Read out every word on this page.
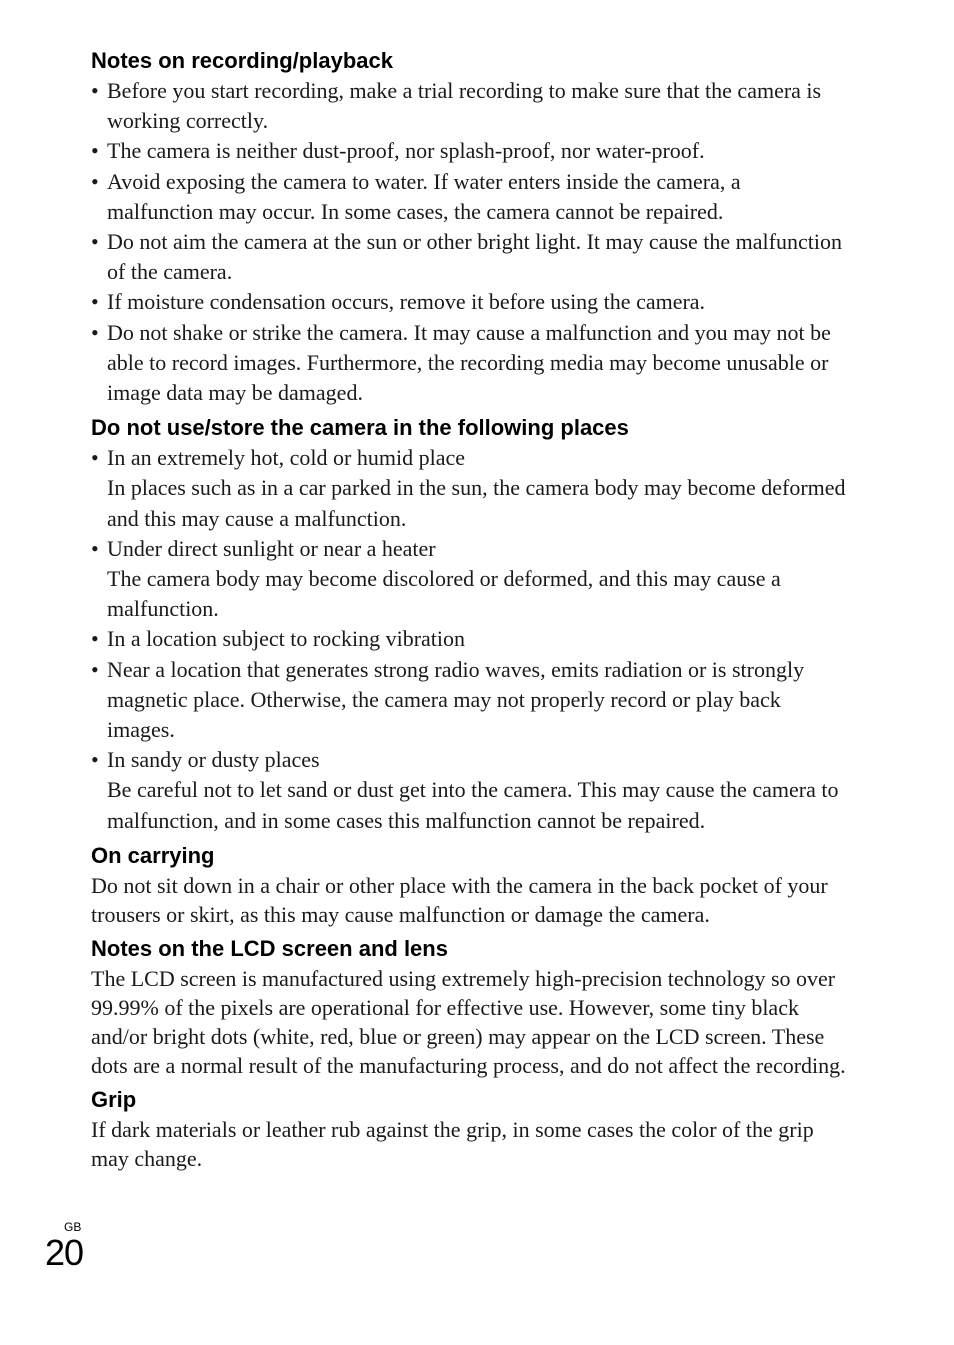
Notes on recording/playback
• Before you start recording, make a trial recording to make sure that the camera is working correctly.
• The camera is neither dust-proof, nor splash-proof, nor water-proof.
• Avoid exposing the camera to water. If water enters inside the camera, a malfunction may occur. In some cases, the camera cannot be repaired.
• Do not aim the camera at the sun or other bright light. It may cause the malfunction of the camera.
• If moisture condensation occurs, remove it before using the camera.
• Do not shake or strike the camera. It may cause a malfunction and you may not be able to record images. Furthermore, the recording media may become unusable or image data may be damaged.
Do not use/store the camera in the following places
• In an extremely hot, cold or humid place
In places such as in a car parked in the sun, the camera body may become deformed and this may cause a malfunction.
• Under direct sunlight or near a heater
The camera body may become discolored or deformed, and this may cause a malfunction.
• In a location subject to rocking vibration
• Near a location that generates strong radio waves, emits radiation or is strongly magnetic place. Otherwise, the camera may not properly record or play back images.
• In sandy or dusty places
Be careful not to let sand or dust get into the camera. This may cause the camera to malfunction, and in some cases this malfunction cannot be repaired.
On carrying

Do not sit down in a chair or other place with the camera in the back pocket of your trousers or skirt, as this may cause malfunction or damage the camera.

Notes on the LCD screen and lens

The LCD screen is manufactured using extremely high-precision technology so over 99.99% of the pixels are operational for effective use. However, some tiny black and/or bright dots (white, red, blue or green) may appear on the LCD screen. These dots are a normal result of the manufacturing process, and do not affect the recording.

Grip

If dark materials or leather rub against the grip, in some cases the color of the grip may change.

GB
20
